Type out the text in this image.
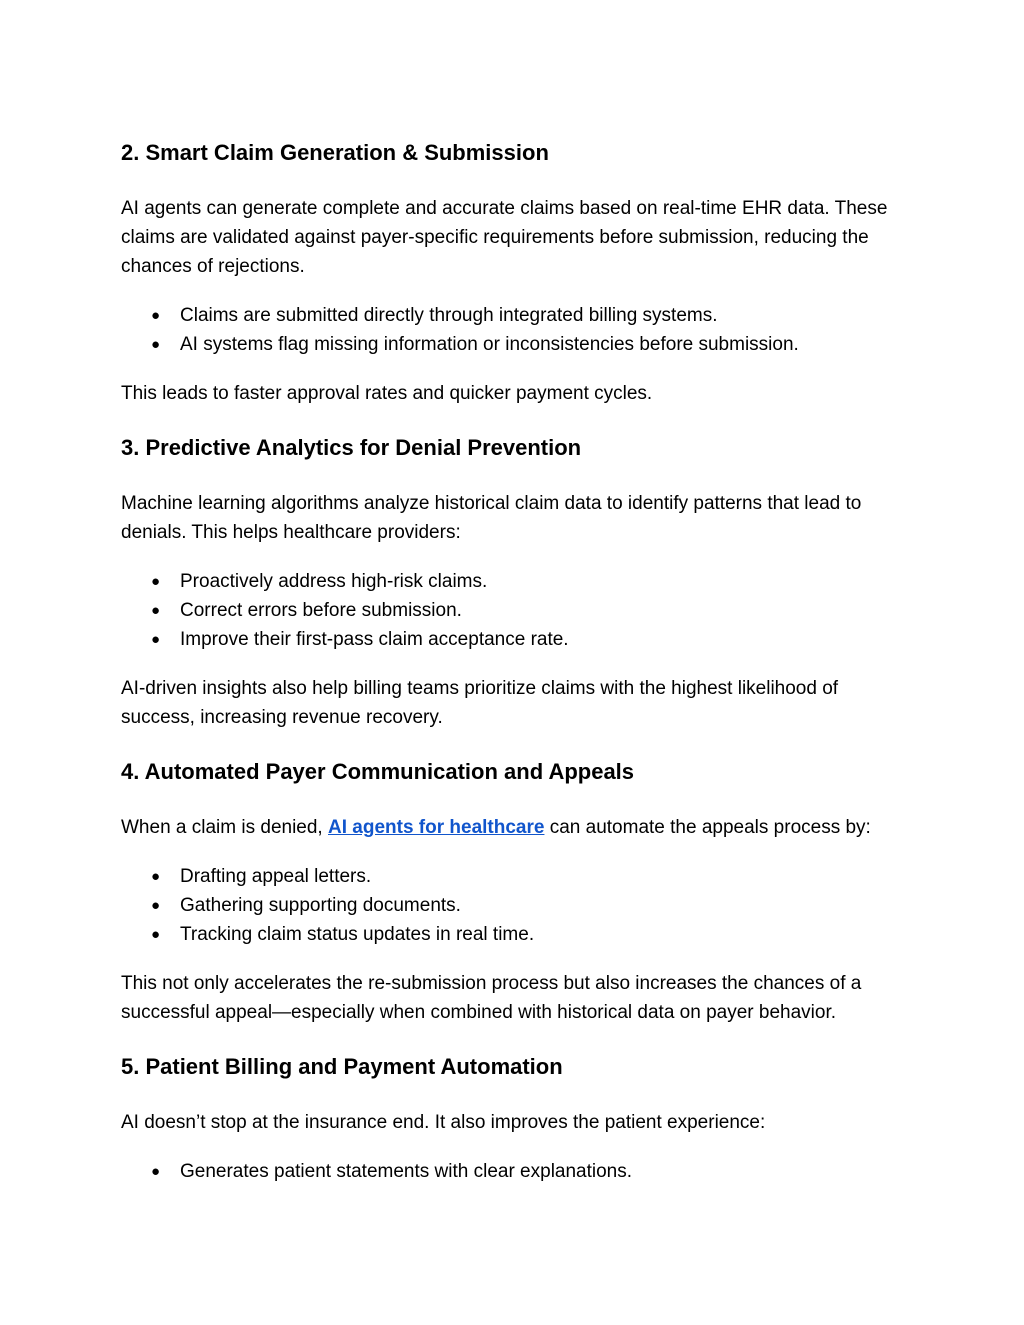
2. Smart Claim Generation & Submission

AI agents can generate complete and accurate claims based on real-time EHR data. These claims are validated against payer-specific requirements before submission, reducing the chances of rejections.

● Claims are submitted directly through integrated billing systems.
● AI systems flag missing information or inconsistencies before submission.

This leads to faster approval rates and quicker payment cycles.

3. Predictive Analytics for Denial Prevention

Machine learning algorithms analyze historical claim data to identify patterns that lead to denials. This helps healthcare providers:

● Proactively address high-risk claims.
● Correct errors before submission.
● Improve their first-pass claim acceptance rate.

AI-driven insights also help billing teams prioritize claims with the highest likelihood of success, increasing revenue recovery.

4. Automated Payer Communication and Appeals

When a claim is denied, AI agents for healthcare can automate the appeals process by:

● Drafting appeal letters.
● Gathering supporting documents.
● Tracking claim status updates in real time.

This not only accelerates the re-submission process but also increases the chances of a successful appeal—especially when combined with historical data on payer behavior.

5. Patient Billing and Payment Automation

AI doesn’t stop at the insurance end. It also improves the patient experience:

● Generates patient statements with clear explanations.
